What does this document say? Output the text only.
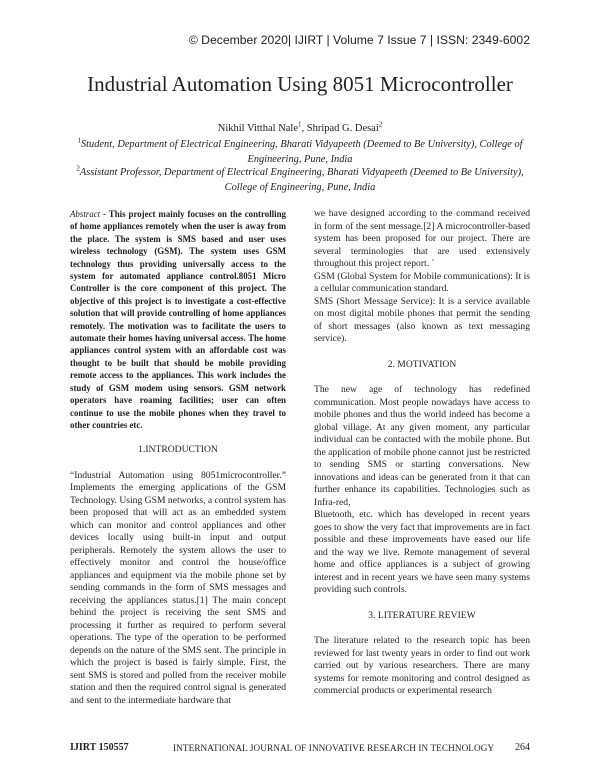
© December 2020| IJIRT | Volume 7 Issue 7 | ISSN: 2349-6002
Industrial Automation Using 8051 Microcontroller
Nikhil Vitthal Nale$^1$, Shripad G. Desai$^2$
$^1$Student, Department of Electrical Engineering, Bharati Vidyapeeth (Deemed to Be University), College of Engineering, Pune, India
$^2$Assistant Professor, Department of Electrical Engineering, Bharati Vidyapeeth (Deemed to Be University), College of Engineering, Pune, India

Abstract - This project mainly focuses on the controlling of home appliances remotely when the user is away from the place. The system is SMS based and user uses wireless technology (GSM). The system uses GSM technology thus providing universally access to the system for automated appliance control.8051 Micro Controller is the core component of this project. The objective of this project is to investigate a cost-effective solution that will provide controlling of home appliances remotely. The motivation was to facilitate the users to automate their homes having universal access. The home appliances control system with an affordable cost was thought to be built that should be mobile providing remote access to the appliances. This work includes the study of GSM modem using sensors. GSM network operators have roaming facilities; user can often continue to use the mobile phones when they travel to other countries etc.

1.INTRODUCTION

“Industrial Automation using 8051microcontroller.” Implements the emerging applications of the GSM Technology. Using GSM networks, a control system has been proposed that will act as an embedded system which can monitor and control appliances and other devices locally using built-in input and output peripherals. Remotely the system allows the user to effectively monitor and control the house/office appliances and equipment via the mobile phone set by sending commands in the form of SMS messages and receiving the appliances status.[1] The main concept behind the project is receiving the sent SMS and processing it further as required to perform several operations. The type of the operation to be performed depends on the nature of the SMS sent. The principle in which the project is based is fairly simple. First, the sent SMS is stored and polled from the receiver mobile station and then the required control signal is generated and sent to the intermediate hardware that

we have designed according to the command received in form of the sent message.[2] A microcontroller-based system has been proposed for our project. There are several terminologies that are used extensively throughout this project report. `

GSM (Global System for Mobile communications): It is a cellular communication standard.

SMS (Short Message Service): It is a service available on most digital mobile phones that permit the sending of short messages (also known as text messaging service).

2. MOTIVATION

The new age of technology has redefined communication. Most people nowadays have access to mobile phones and thus the world indeed has become a global village. At any given moment, any particular individual can be contacted with the mobile phone. But the application of mobile phone cannot just be restricted to sending SMS or starting conversations. New innovations and ideas can be generated from it that can further enhance its capabilities. Technologies such as Infra-red,

Bluetooth, etc. which has developed in recent years goes to show the very fact that improvements are in fact possible and these improvements have eased our life and the way we live. Remote management of several home and office appliances is a subject of growing interest and in recent years we have seen many systems providing such controls.

3. LITERATURE REVIEW

The literature related to the research topic has been reviewed for last twenty years in order to find out work carried out by various researchers. There are many systems for remote monitoring and control designed as commercial products or experimental research

IJIRT 150557	INTERNATIONAL JOURNAL OF INNOVATIVE RESEARCH IN TECHNOLOGY 264
